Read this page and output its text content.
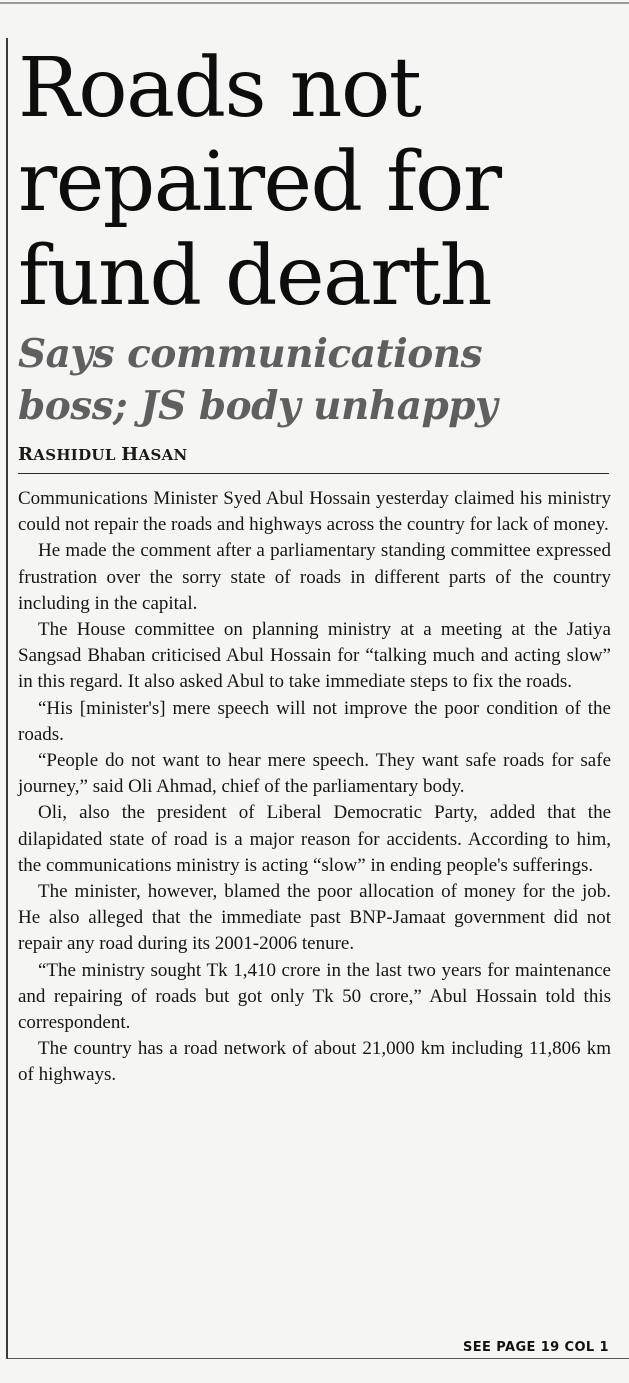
Roads not
repaired for
fund dearth
Says communications
boss; JS body unhappy
RASHIDUL HASAN

Communications Minister Syed Abul Hossain yesterday claimed his ministry could not repair the roads and highways across the country for lack of money.

He made the comment after a parliamentary standing committee expressed frustration over the sorry state of roads in different parts of the country including in the capital.

The House committee on planning ministry at a meeting at the Jatiya Sangsad Bhaban criticised Abul Hossain for “talking much and acting slow” in this regard. It also asked Abul to take immediate steps to fix the roads.

“His [minister's] mere speech will not improve the poor condition of the roads.

“People do not want to hear mere speech. They want safe roads for safe journey,” said Oli Ahmad, chief of the parliamentary body.

Oli, also the president of Liberal Democratic Party, added that the dilapidated state of road is a major reason for accidents. According to him, the communications ministry is acting “slow” in ending people's sufferings.

The minister, however, blamed the poor allocation of money for the job. He also alleged that the immediate past BNP-Jamaat government did not repair any road during its 2001-2006 tenure.

“The ministry sought Tk 1,410 crore in the last two years for maintenance and repairing of roads but got only Tk 50 crore,” Abul Hossain told this correspondent.

The country has a road network of about 21,000 km including 11,806 km of highways.

SEE PAGE 19 COL 1
